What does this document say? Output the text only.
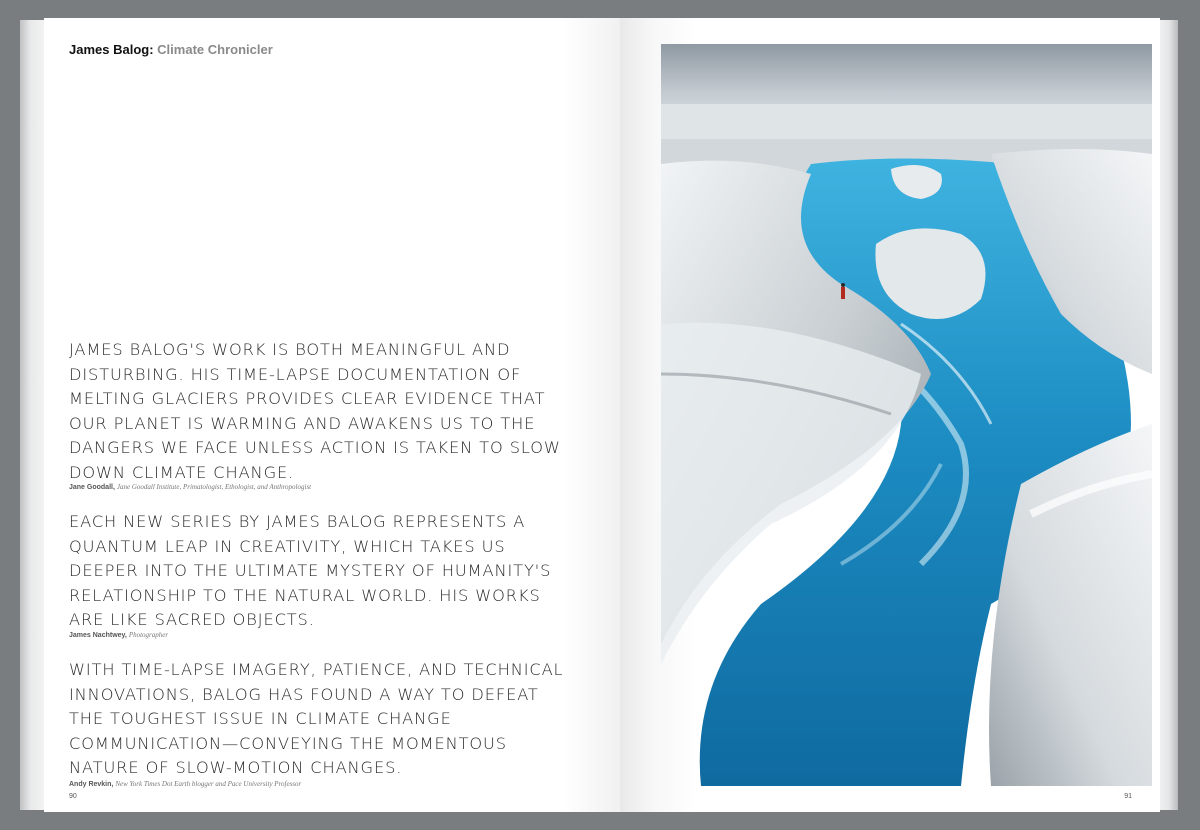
James Balog: Climate Chronicler

JAMES BALOG'S WORK IS BOTH MEANINGFUL AND DISTURBING. HIS TIME-LAPSE DOCUMENTATION OF MELTING GLACIERS PROVIDES CLEAR EVIDENCE THAT OUR PLANET IS WARMING AND AWAKENS US TO THE DANGERS WE FACE UNLESS ACTION IS TAKEN TO SLOW DOWN CLIMATE CHANGE.

Jane Goodall, Jane Goodall Institute, Primatologist, Ethologist, and Anthropologist

EACH NEW SERIES BY JAMES BALOG REPRESENTS A QUANTUM LEAP IN CREATIVITY, WHICH TAKES US DEEPER INTO THE ULTIMATE MYSTERY OF HUMANITY'S RELATIONSHIP TO THE NATURAL WORLD. HIS WORKS ARE LIKE SACRED OBJECTS.

James Nachtwey, Photographer

WITH TIME-LAPSE IMAGERY, PATIENCE, AND TECHNICAL INNOVATIONS, BALOG HAS FOUND A WAY TO DEFEAT THE TOUGHEST ISSUE IN CLIMATE CHANGE COMMUNICATION—CONVEYING THE MOMENTOUS NATURE OF SLOW-MOTION CHANGES.

Andy Revkin, New York Times Dot Earth blogger and Pace University Professor
90	91
